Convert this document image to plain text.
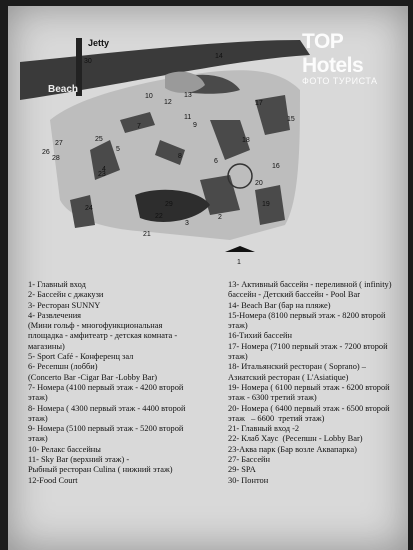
Jetty
Beach
30
14
13
17
12
11
10
9
8
7
6
25
4
3
2
1
29
22
21
24
26
27
28
15
16
18
19
20
5
23
TOP Hotels
ФОТО ТУРИСТА
1- Главный вход
2- Бассейн с джакузи
3- Ресторан SUNNY
4- Развлечения
(Мини гольф - многофункциональная
площадка - амфитеатр - детская комната -
магазины)
5- Sport Café - Конференц зал
6- Ресепшн (лобби)
(Concerto Bar -Cigar Bar -Lobby Bar)
7- Номера (4100 первый этаж - 4200 второй
этаж)
8- Номера ( 4300 первый этаж - 4400 второй
этаж)
9- Номера (5100 первый этаж - 5200 второй
этаж)
10- Релакс бассейны
11- Sky Bar (верхний этаж) -
Рыбный ресторан Culina ( нижний этаж)
12-Food Court
13- Активный бассейн - переливной ( infinity)
бассейн - Детский бассейн - Pool Bar
14- Beach Bar (бар на пляже)
15-Номера (8100 первый этаж - 8200 второй этаж)
16-Тихий бассейн
17- Номера (7100 первый этаж - 7200 второй
этаж)
18- Итальянский ресторан ( Soprano) –
Азиатский ресторан ( L'Asiatique)
19- Номера ( 6100 первый этаж - 6200 второй
этаж - 6300 третий этаж)
20- Номера ( 6400 первый этаж - 6500 второй
этаж   – 6600  третий этаж)
21- Главный вход -2
22- Клаб Хаус  (Ресепшн - Lobby Bar)
23-Аква парк (Бар возле Аквапарка)
27- Бассейн
29- SPA
30- Понтон
